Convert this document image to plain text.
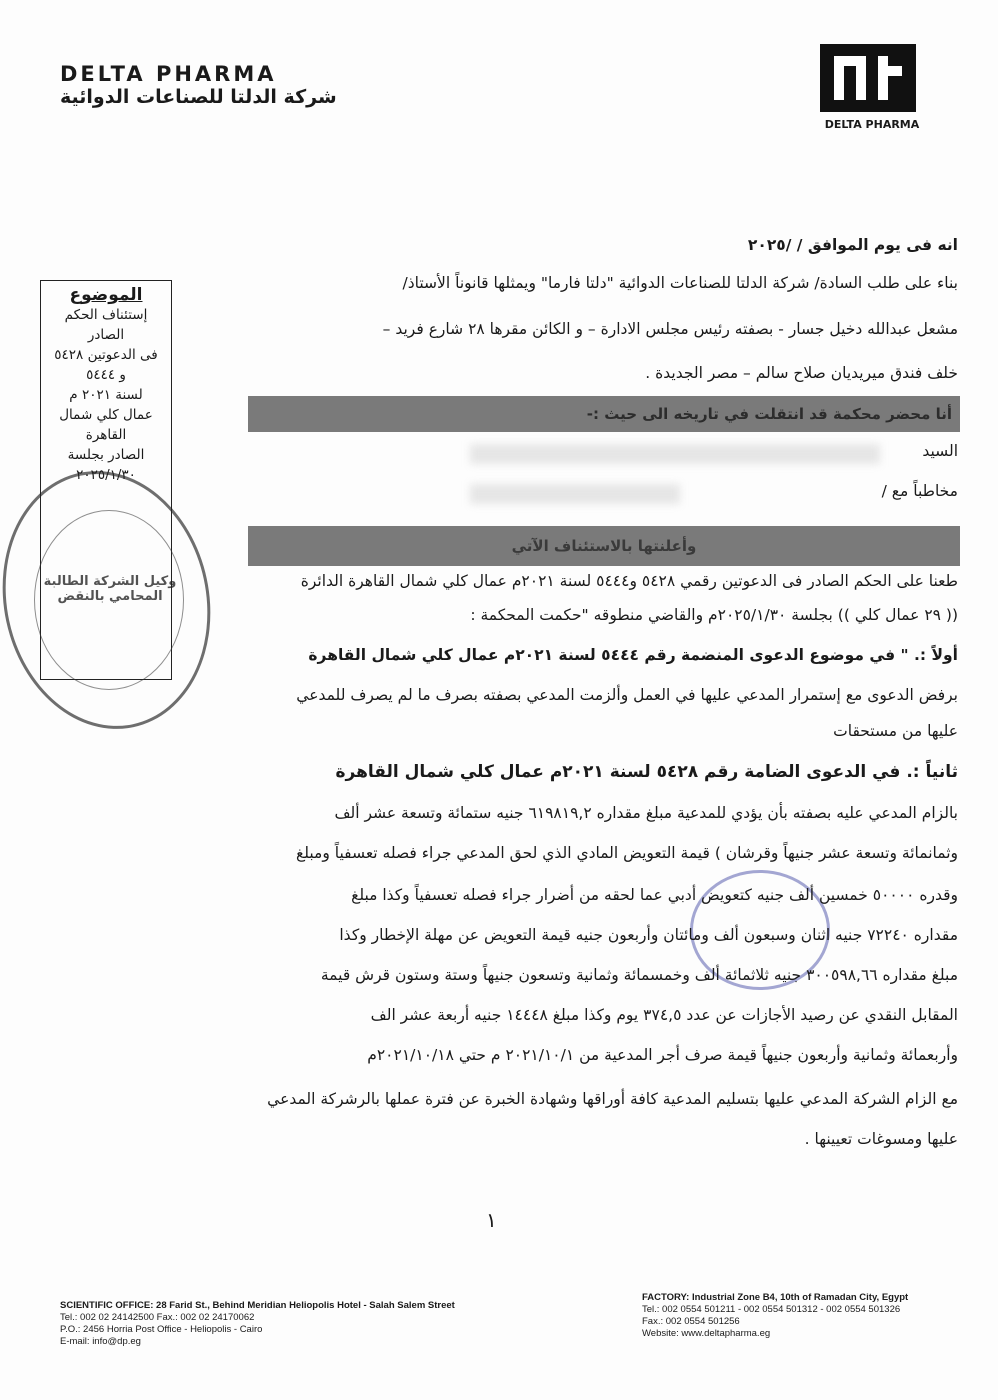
DELTA PHARMA
شركة الدلتا للصناعات الدوائية
DELTA PHARMA
الموضوع
إستئناف الحكم
الصادر
فى الدعوتين ٥٤٢٨
و ٥٤٤٤
لسنة ٢٠٢١ م
عمال كلي شمال
القاهرة
الصادر بجلسة
٢٠٢٥/١/٣٠
وكيل الشركة الطالبة المحامي بالنقض
انه فى يوم الموافق / /٢٠٢٥
بناء على طلب السادة/ شركة الدلتا للصناعات الدوائية "دلتا فارما" ويمثلها قانوناً الأستاذ/
مشعل عبدالله دخيل جسار - بصفته رئيس مجلس الادارة – و الكائن مقرها ٢٨ شارع فريد –
خلف فندق ميريديان صلاح سالم – مصر الجديدة .
أنا محضر محكمة قد انتقلت في تاريخه الى حيث :-
السيد
مخاطباً مع /
وأعلنتها بالاستئناف الآتي
طعنا على الحكم الصادر فى الدعوتين رقمي ٥٤٢٨ و٥٤٤٤ لسنة ٢٠٢١م عمال كلي شمال القاهرة الدائرة
(( ٢٩ عمال كلي )) بجلسة ٢٠٢٥/١/٣٠م والقاضي منطوقه "حكمت المحكمة :
أولاً :. " في موضوع الدعوى المنضمة رقم ٥٤٤٤ لسنة ٢٠٢١م عمال كلي شمال القاهرة
برفض الدعوى مع إستمرار المدعي عليها في العمل وألزمت المدعي بصفته بصرف ما لم يصرف للمدعي
عليها من مستحقات
ثانياً :. في الدعوى الضامة رقم ٥٤٢٨ لسنة ٢٠٢١م عمال كلي شمال القاهرة
بالزام المدعي عليه بصفته بأن يؤدي للمدعية مبلغ مقداره ٦١٩٨١٩,٢ جنيه ستمائة وتسعة عشر ألف
وثمانمائة وتسعة عشر جنيهاً وقرشان ) قيمة التعويض المادي الذي لحق المدعي جراء فصله تعسفياً ومبلغ
وقدره ٥٠٠٠٠ خمسين ألف جنيه كتعويض أدبي عما لحقه من أضرار جراء فصله تعسفياً وكذا مبلغ
مقداره ٧٢٢٤٠ جنيه اثنان وسبعون ألف ومائتان وأربعون جنيه قيمة التعويض عن مهلة الإخطار وكذا
مبلغ مقداره ٣٠٠٥٩٨,٦٦ جنيه ثلاثمائة ألف وخمسمائة وثمانية وتسعون جنيهاً وستة وستون قرش قيمة
المقابل النقدي عن رصيد الأجازات عن عدد ٣٧٤,٥ يوم وكذا مبلغ ١٤٤٤٨ جنيه أربعة عشر الف
وأربعمائة وثمانية وأربعون جنيهاً قيمة صرف أجر المدعية من ٢٠٢١/١٠/١ م حتي ٢٠٢١/١٠/١٨م
مع الزام الشركة المدعي عليها بتسليم المدعية كافة أوراقها وشهادة الخبرة عن فترة عملها بالرشركة المدعي
عليها ومسوغات تعيينها .
١
SCIENTIFIC OFFICE: 28 Farid St., Behind Meridian Heliopolis Hotel - Salah Salem Street
Tel.: 002 02 24142500 Fax.: 002 02 24170062
P.O.: 2456 Horria Post Office - Heliopolis - Cairo
E-mail: info@dp.eg
FACTORY: Industrial Zone B4, 10th of Ramadan City, Egypt
Tel.: 002 0554 501211 - 002 0554 501312 - 002 0554 501326
Fax.: 002 0554 501256
Website: www.deltapharma.eg
